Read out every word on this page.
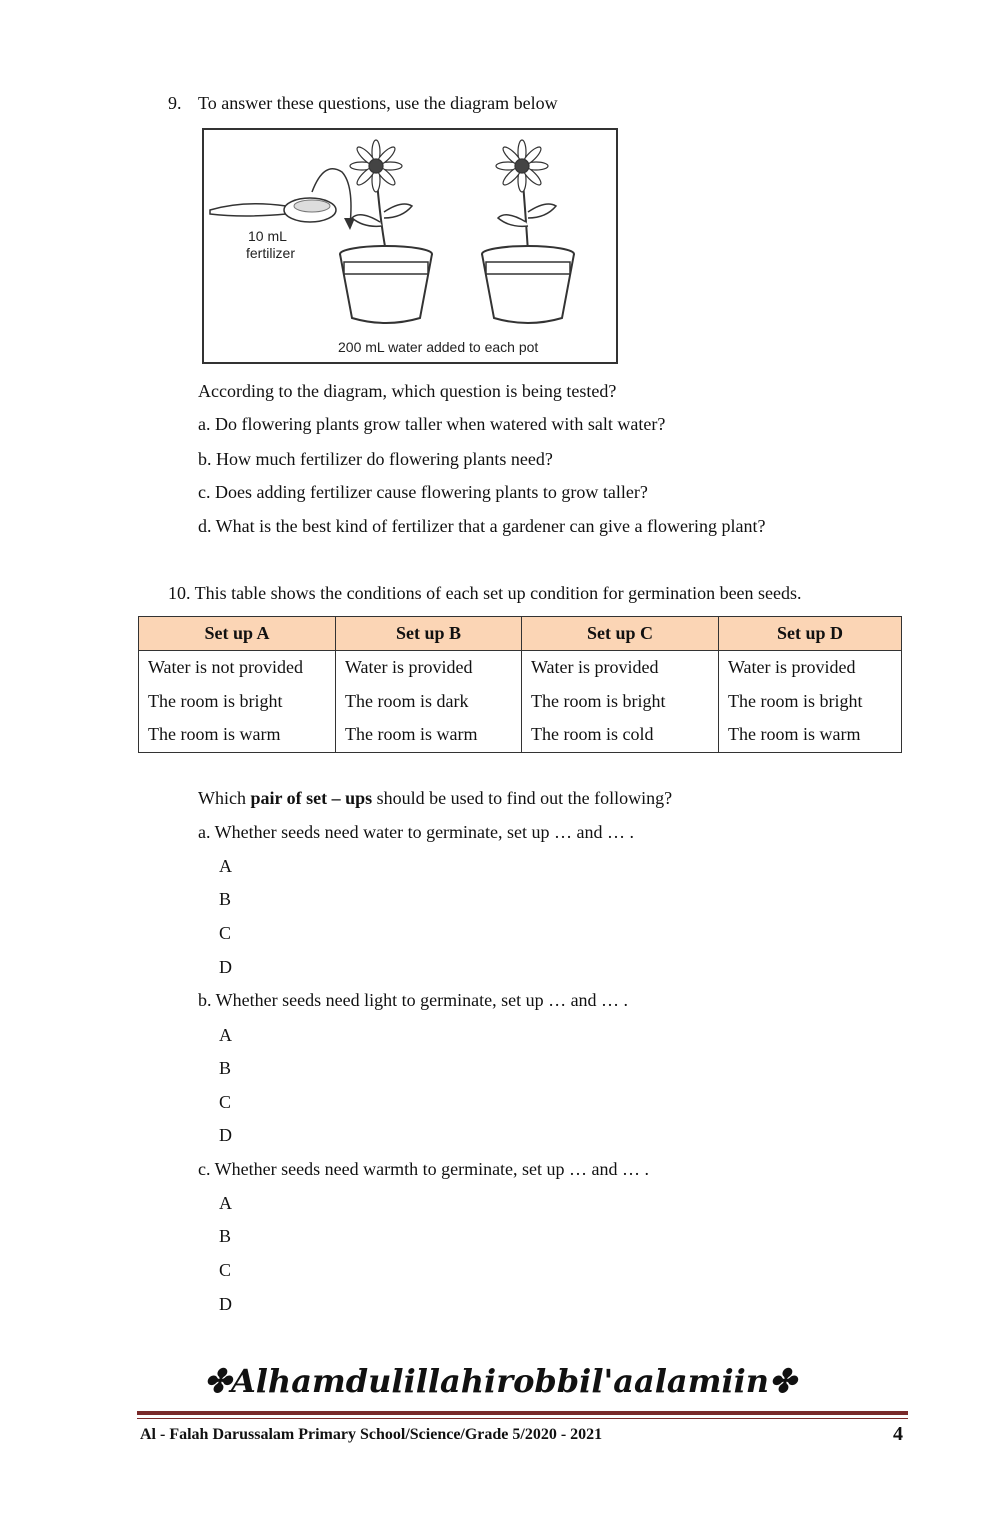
9. To answer these questions, use the diagram below
10 mL
fertilizer
200 mL water added to each pot
According to the diagram, which question is being tested?
a. Do flowering plants grow taller when watered with salt water?
b. How much fertilizer do flowering plants need?
c. Does adding fertilizer cause flowering plants to grow taller?
d. What is the best kind of fertilizer that a gardener can give a flowering plant?
10. This table shows the conditions of each set up condition for germination been seeds.
Set up A	Set up B	Set up C	Set up D
Water is not provided	Water is provided	Water is provided	Water is provided
The room is bright	The room is dark	The room is bright	The room is bright
The room is warm	The room is warm	The room is cold	The room is warm
Which pair of set – ups should be used to find out the following?
a. Whether seeds need water to germinate, set up … and … .
A
B
C
D
b. Whether seeds need light to germinate, set up … and … .
A
B
C
D
c. Whether seeds need warmth to germinate, set up … and … .
A
B
C
D
✤Alhamdulillahirobbil'aalamiin✤
Al - Falah Darussalam Primary School/Science/Grade 5/2020 - 2021	4
